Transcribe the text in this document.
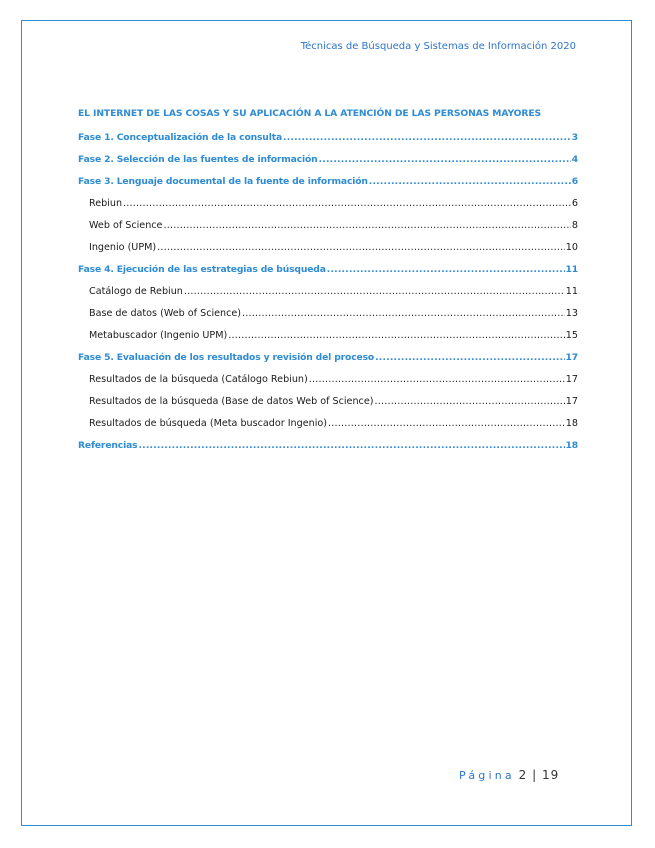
Técnicas de Búsqueda y Sistemas de Información 2020
EL INTERNET DE LAS COSAS Y SU APLICACIÓN A LA ATENCIÓN DE LAS PERSONAS MAYORES
Fase 1. Conceptualización de la consulta .....	3
Fase 2. Selección de las fuentes de información .....	4
Fase 3. Lenguaje documental de la fuente de información .....	6
Rebiun .....	6
Web of Science .....	8
Ingenio (UPM) .....	10
Fase 4. Ejecución de las estrategias de búsqueda .....	11
Catálogo de Rebiun .....	11
Base de datos (Web of Science) .....	13
Metabuscador (Ingenio UPM) .....	15
Fase 5. Evaluación de los resultados y revisión del proceso .....	17
Resultados de la búsqueda (Catálogo Rebiun) .....	17
Resultados de la búsqueda (Base de datos Web of Science) .....	17
Resultados de búsqueda (Meta buscador Ingenio) .....	18
Referencias .....	18
Página 2 | 19
